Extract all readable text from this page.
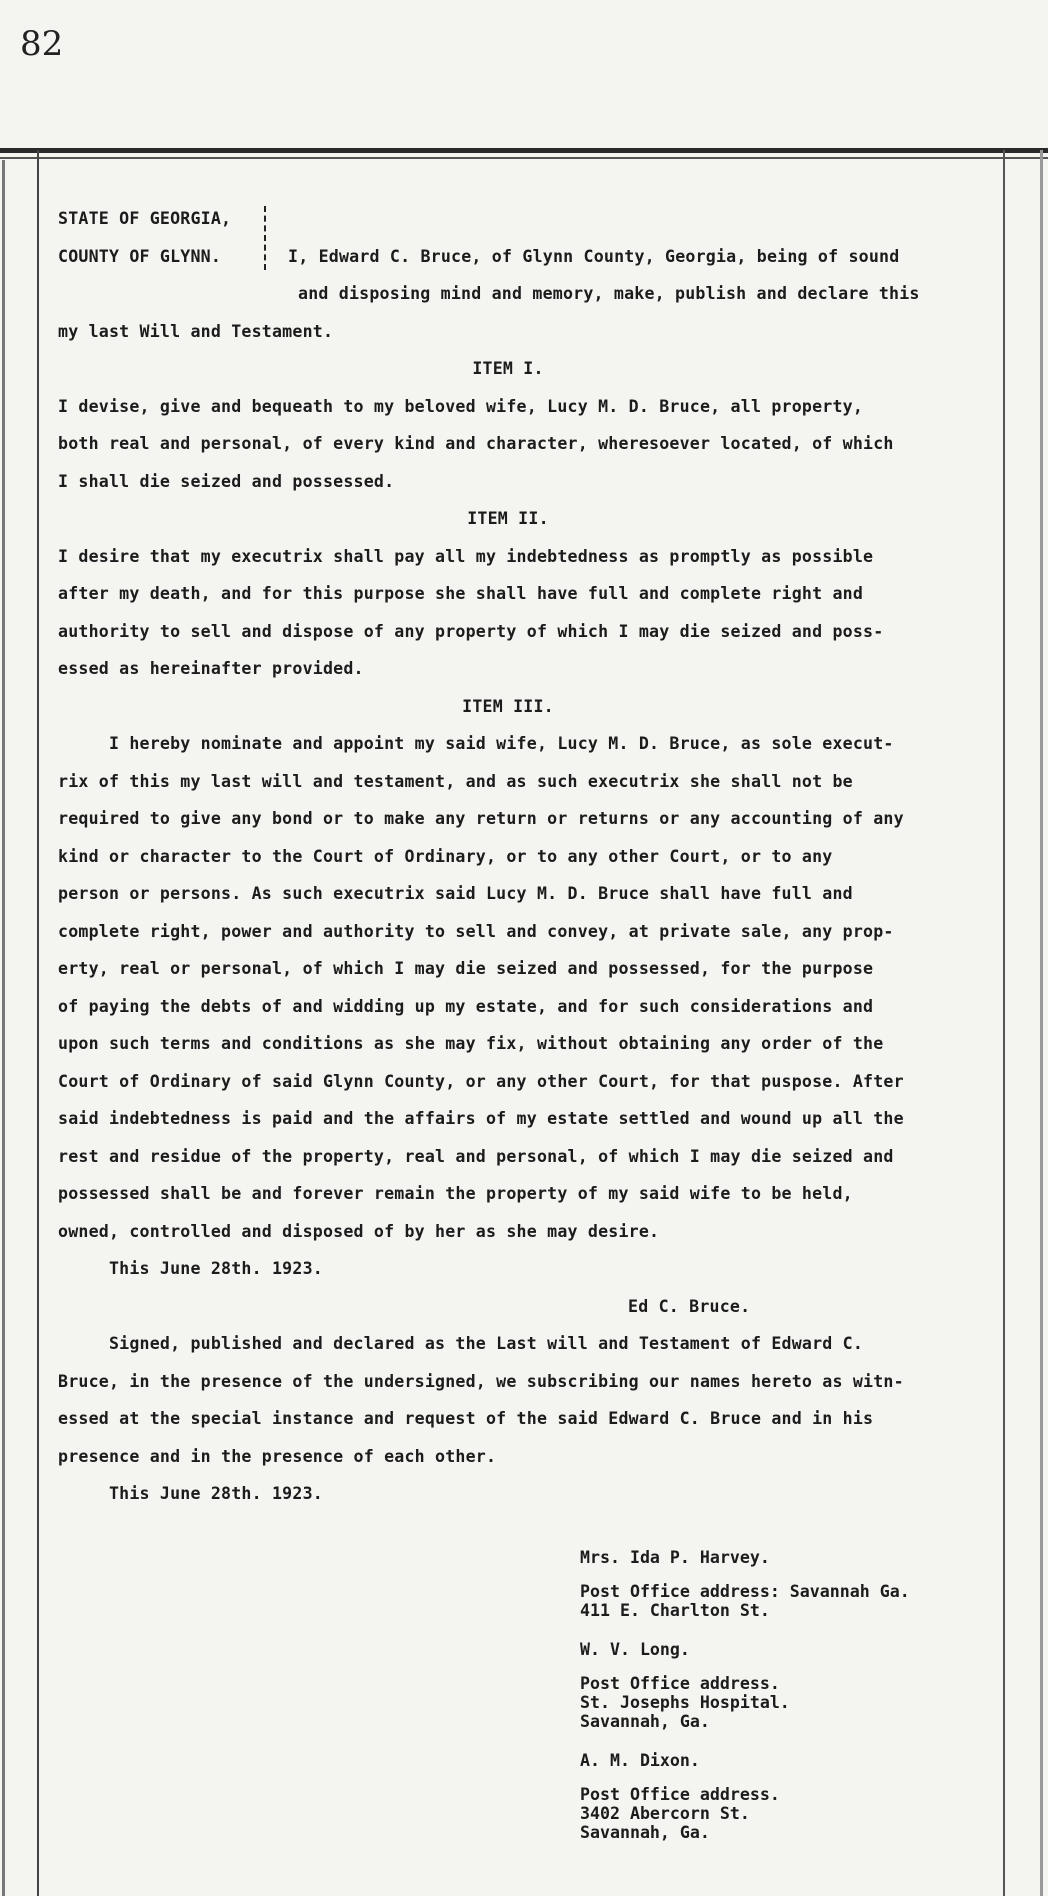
82
STATE OF GEORGIA,
COUNTY OF GLYNN.	I, Edward C. Bruce, of Glynn County, Georgia, being of sound
and disposing mind and memory, make, publish and declare this
my last Will and Testament.
ITEM I.
I devise, give and bequeath to my beloved wife, Lucy M. D. Bruce, all property,
both real and personal, of every kind and character, wheresoever located, of which
I shall die seized and possessed.
ITEM II.
I desire that my executrix shall pay all my indebtedness as promptly as possible
after my death, and for this purpose she shall have full and complete right and
authority to sell and dispose of any property of which I may die seized and poss-
essed as hereinafter provided.
ITEM III.
I hereby nominate and appoint my said wife, Lucy M. D. Bruce, as sole execut-
rix of this my last will and testament, and as such executrix she shall not be
required to give any bond or to make any return or returns or any accounting of any
kind or character to the Court of Ordinary, or to any other Court, or to any
person or persons. As such executrix said Lucy M. D. Bruce shall have full and
complete right, power and authority to sell and convey, at private sale, any prop-
erty, real or personal, of which I may die seized and possessed, for the purpose
of paying the debts of and widding up my estate, and for such considerations and
upon such terms and conditions as she may fix, without obtaining any order of the
Court of Ordinary of said Glynn County, or any other Court, for that puspose. After
said indebtedness is paid and the affairs of my estate settled and wound up all the
rest and residue of the property, real and personal, of which I may die seized and
possessed shall be and forever remain the property of my said wife to be held,
owned, controlled and disposed of by her as she may desire.
This June 28th. 1923.
Ed C. Bruce.
Signed, published and declared as the Last will and Testament of Edward C.
Bruce, in the presence of the undersigned, we subscribing our names hereto as witn-
essed at the special instance and request of the said Edward C. Bruce and in his
presence and in the presence of each other.
This June 28th. 1923.
Mrs. Ida P. Harvey.
Post Office address: Savannah Ga.
411 E. Charlton St.
W. V. Long.
Post Office address.
St. Josephs Hospital.
Savannah, Ga.
A. M. Dixon.
Post Office address.
3402 Abercorn St.
Savannah, Ga.
